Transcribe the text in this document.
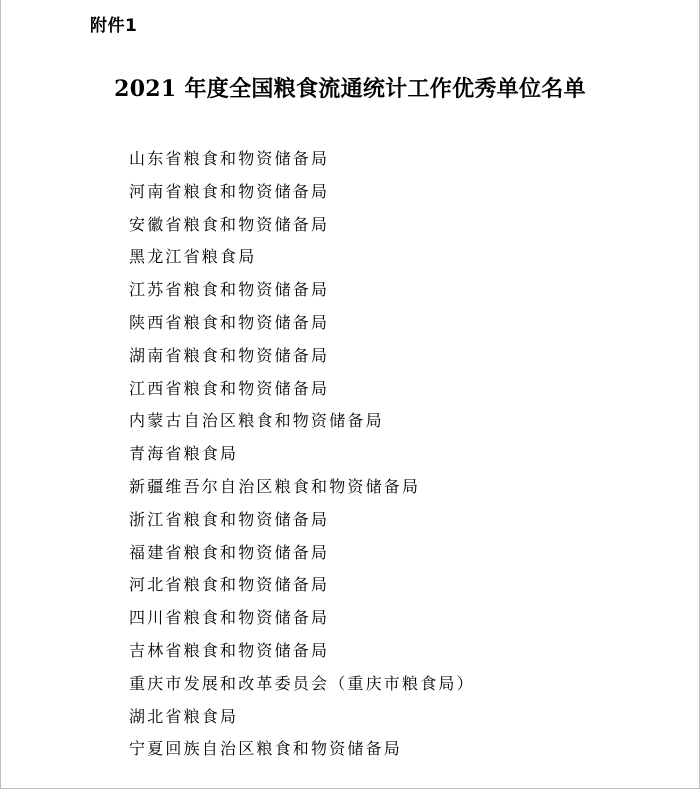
附件1
2021 年度全国粮食流通统计工作优秀单位名单
山东省粮食和物资储备局
河南省粮食和物资储备局
安徽省粮食和物资储备局
黑龙江省粮食局
江苏省粮食和物资储备局
陕西省粮食和物资储备局
湖南省粮食和物资储备局
江西省粮食和物资储备局
内蒙古自治区粮食和物资储备局
青海省粮食局
新疆维吾尔自治区粮食和物资储备局
浙江省粮食和物资储备局
福建省粮食和物资储备局
河北省粮食和物资储备局
四川省粮食和物资储备局
吉林省粮食和物资储备局
重庆市发展和改革委员会（重庆市粮食局）
湖北省粮食局
宁夏回族自治区粮食和物资储备局
